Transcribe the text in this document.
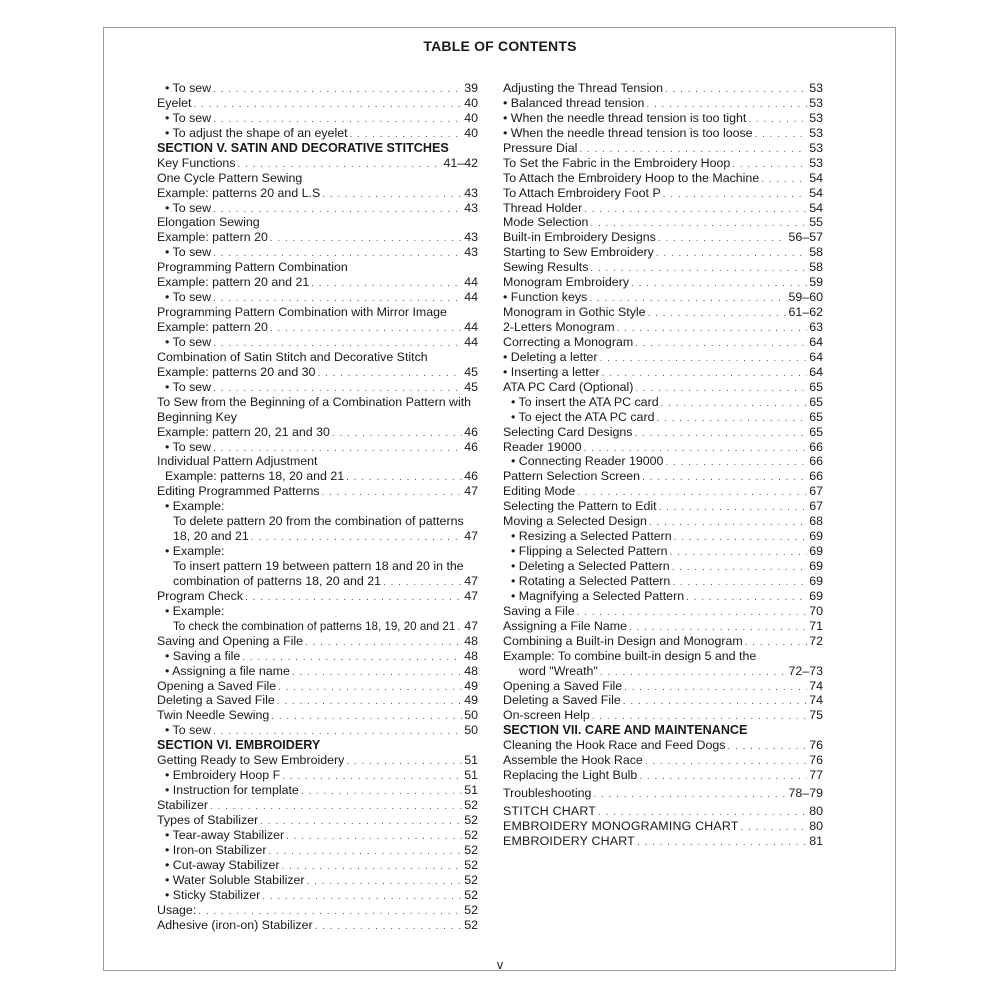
TABLE OF CONTENTS
• To sew . . .	39
Eyelet . . .	40
• To sew . . .	40
• To adjust the shape of an eyelet . . .	40
SECTION V. SATIN AND DECORATIVE STITCHES
Key Functions . . .	41–42
One Cycle Pattern Sewing
Example: patterns 20 and L.S . . .	43
• To sew . . .	43
Elongation Sewing
Example: pattern 20 . . .	43
• To sew . . .	43
Programming Pattern Combination
Example: pattern 20 and 21 . . .	44
• To sew . . .	44
Programming Pattern Combination with Mirror Image
Example: pattern 20 . . .	44
• To sew . . .	44
Combination of Satin Stitch and Decorative Stitch
Example: patterns 20 and 30 . . .	45
• To sew . . .	45
To Sew from the Beginning of a Combination Pattern with
Beginning Key
Example: pattern 20, 21 and 30 . . .	46
• To sew . . .	46
Individual Pattern Adjustment
Example: patterns 18, 20 and 21 . . .	46
Editing Programmed Patterns . . .	47
• Example:
To delete pattern 20 from the combination of patterns
18, 20 and 21 . . .	47
• Example:
To insert pattern 19 between pattern 18 and 20 in the
combination of patterns 18, 20 and 21 . . .	47
Program Check . . .	47
• Example:
To check the combination of patterns 18, 19, 20 and 21 . . . 47
Saving and Opening a File . . .	48
• Saving a file . . .	48
• Assigning a file name . . .	48
Opening a Saved File . . .	49
Deleting a Saved File . . .	49
Twin Needle Sewing . . .	50
• To sew . . .	50
SECTION VI. EMBROIDERY
Getting Ready to Sew Embroidery . . .	51
• Embroidery Hoop F . . .	51
• Instruction for template . . .	51
Stabilizer . . .	52
Types of Stabilizer . . .	52
• Tear-away Stabilizer . . .	52
• Iron-on Stabilizer . . .	52
• Cut-away Stabilizer . . .	52
• Water Soluble Stabilizer . . .	52
• Sticky Stabilizer . . .	52
Usage: . . .	52
Adhesive (iron-on) Stabilizer . . .	52
Adjusting the Thread Tension . . .	53
• Balanced thread tension . . .	53
• When the needle thread tension is too tight . . .	53
• When the needle thread tension is too loose . . .	53
Pressure Dial . . .	53
To Set the Fabric in the Embroidery Hoop . . .	53
To Attach the Embroidery Hoop to the Machine . . .	54
To Attach Embroidery Foot P . . .	54
Thread Holder . . .	54
Mode Selection . . .	55
Built-in Embroidery Designs . . .	56–57
Starting to Sew Embroidery . . .	58
Sewing Results . . .	58
Monogram Embroidery . . .	59
• Function keys . . .	59–60
Monogram in Gothic Style . . .	61–62
2-Letters Monogram . . .	63
Correcting a Monogram . . .	64
• Deleting a letter . . .	64
• Inserting a letter . . .	64
ATA PC Card (Optional) . . .	65
• To insert the ATA PC card . . .	65
• To eject the ATA PC card . . .	65
Selecting Card Designs . . .	65
Reader 19000 . . .	66
• Connecting Reader 19000 . . .	66
Pattern Selection Screen . . .	66
Editing Mode . . .	67
Selecting the Pattern to Edit . . .	67
Moving a Selected Design . . .	68
• Resizing a Selected Pattern . . .	69
• Flipping a Selected Pattern . . .	69
• Deleting a Selected Pattern . . .	69
• Rotating a Selected Pattern . . .	69
• Magnifying a Selected Pattern . . .	69
Saving a File . . .	70
Assigning a File Name . . .	71
Combining a Built-in Design and Monogram . . .	72
Example: To combine built-in design 5 and the
word "Wreath" . . .	72–73
Opening a Saved File . . .	74
Deleting a Saved File . . .	74
On-screen Help . . .	75
SECTION VII. CARE AND MAINTENANCE
Cleaning the Hook Race and Feed Dogs . . .	76
Assemble the Hook Race . . .	76
Replacing the Light Bulb . . .	77
Troubleshooting . . .	78–79
STITCH CHART . . .	80
EMBROIDERY MONOGRAMING CHART . . .	80
EMBROIDERY CHART . . .	81
v
